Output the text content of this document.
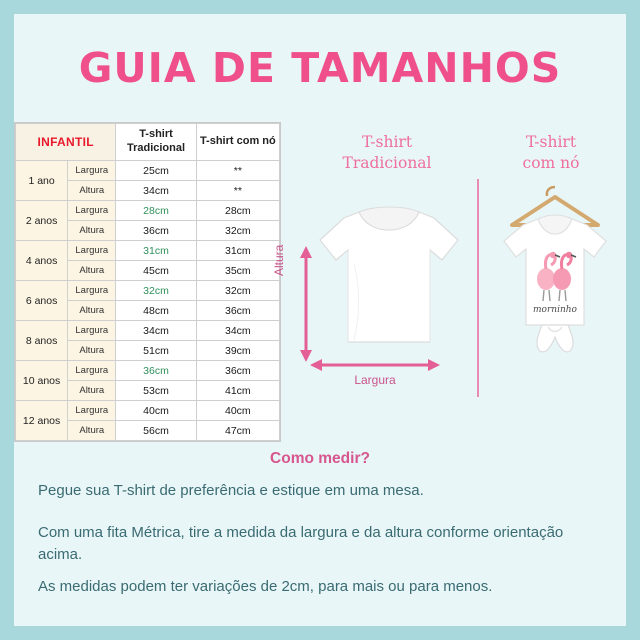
GUIA DE TAMANHOS
INFANTIL		T-shirt
Tradicional	T-shirt com nó
1 ano	Largura	25cm	**
	Altura	34cm	**
2 anos	Largura	28cm	28cm
	Altura	36cm	32cm
4 anos	Largura	31cm	31cm
	Altura	45cm	35cm
6 anos	Largura	32cm	32cm
	Altura	48cm	36cm
8 anos	Largura	34cm	34cm
	Altura	51cm	39cm
10 anos	Largura	36cm	36cm
	Altura	53cm	41cm
12 anos	Largura	40cm	40cm
	Altura	56cm	47cm
T-shirt
Tradicional
T-shirt
com nó
Altura
Largura
morninho
Como medir?
Pegue sua T-shirt de preferência e estique em uma mesa.
Com uma fita Métrica, tire a medida da largura e da altura conforme orientação acima.
As medidas podem ter variações de 2cm, para mais ou para menos.
